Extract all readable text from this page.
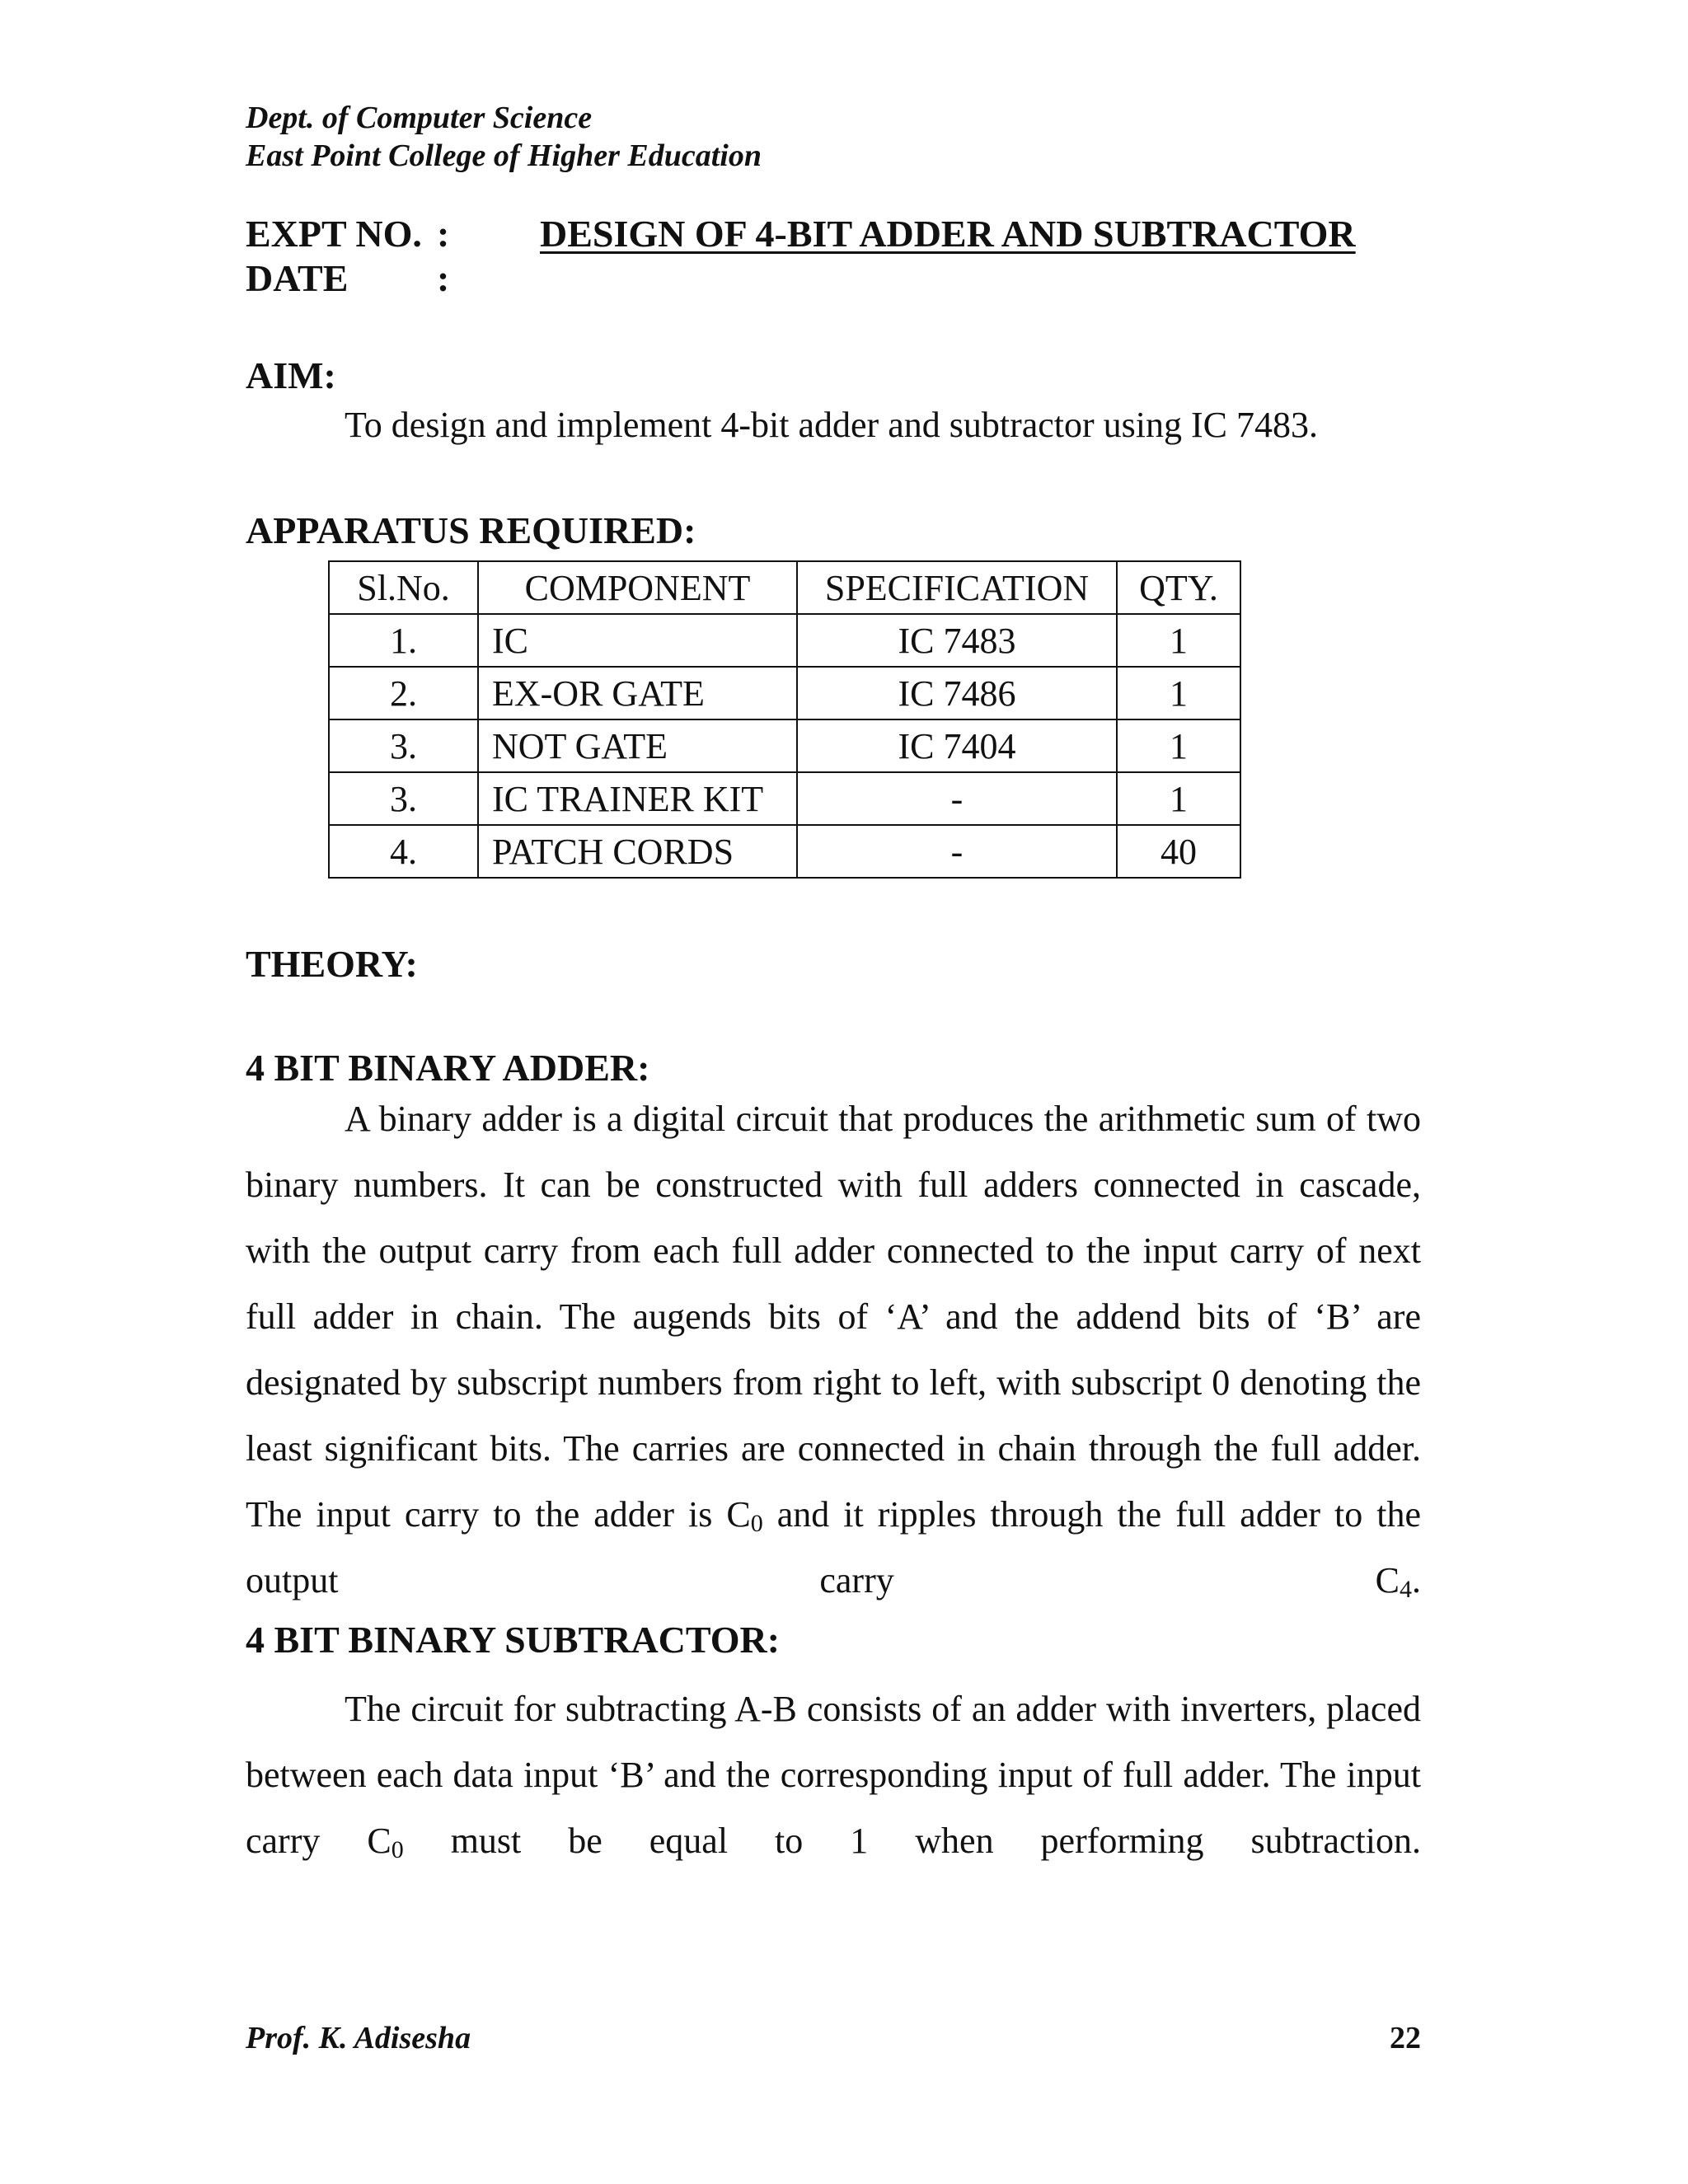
Dept. of Computer Science
East Point College of Higher Education
EXPT NO. : DESIGN OF 4-BIT ADDER AND SUBTRACTOR
DATE :
AIM:
To design and implement 4-bit adder and subtractor using IC 7483.
APPARATUS REQUIRED:
Sl.No.	COMPONENT	SPECIFICATION	QTY.
1.	IC	IC 7483	1
2.	EX-OR GATE	IC 7486	1
3.	NOT GATE	IC 7404	1
3.	IC TRAINER KIT	-	1
4.	PATCH CORDS	-	40
THEORY:
4 BIT BINARY ADDER:

A binary adder is a digital circuit that produces the arithmetic sum of two binary numbers. It can be constructed with full adders connected in cascade, with the output carry from each full adder connected to the input carry of next full adder in chain. The augends bits of ‘A’ and the addend bits of ‘B’ are designated by subscript numbers from right to left, with subscript 0 denoting the least significant bits. The carries are connected in chain through the full adder. The input carry to the adder is $C_0$ and it ripples through the full adder to the output carry $C_4$.

4 BIT BINARY SUBTRACTOR:

The circuit for subtracting A-B consists of an adder with inverters, placed between each data input ‘B’ and the corresponding input of full adder. The input carry $C_0$ must be equal to 1 when performing subtraction.

Prof. K. Adisesha	22
